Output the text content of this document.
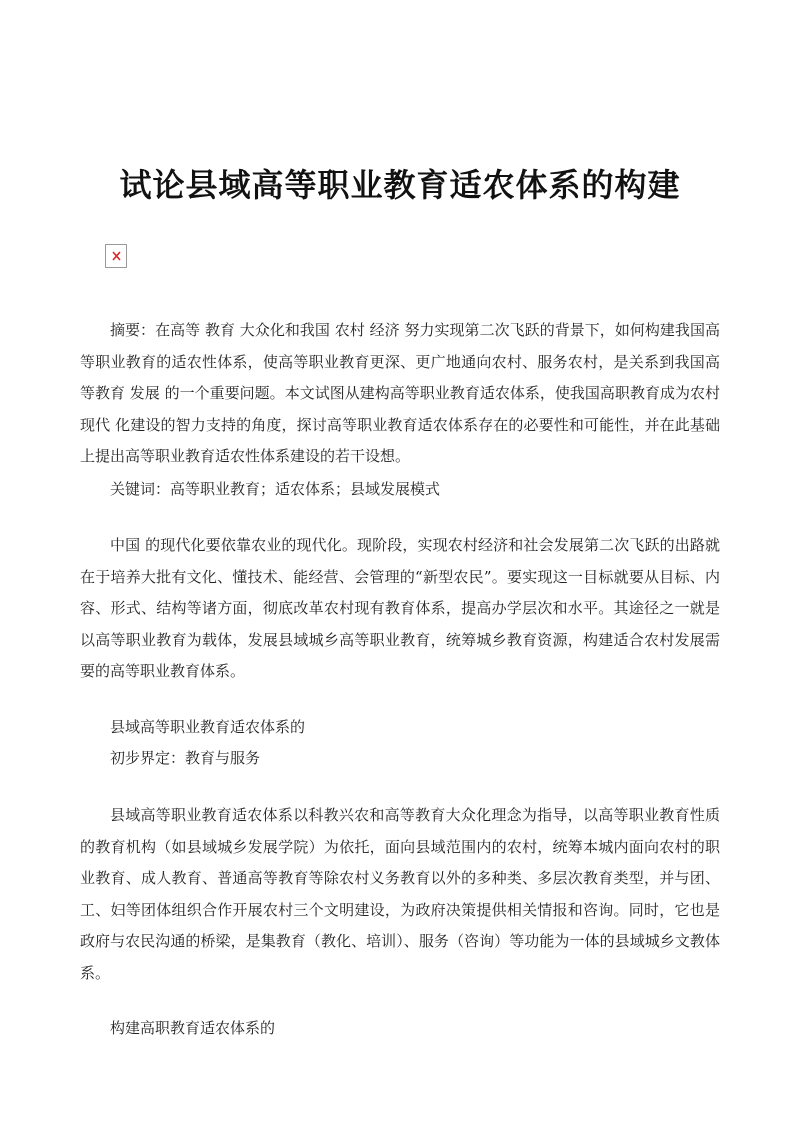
试论县域高等职业教育适农体系的构建

摘要：在高等 教育 大众化和我国 农村 经济 努力实现第二次飞跃的背景下，如何构建我国高等职业教育的适农性体系，使高等职业教育更深、更广地通向农村、服务农村，是关系到我国高等教育 发展 的一个重要问题。本文试图从建构高等职业教育适农体系，使我国高职教育成为农村 现代 化建设的智力支持的角度，探讨高等职业教育适农体系存在的必要性和可能性，并在此基础上提出高等职业教育适农性体系建设的若干设想。

关键词：高等职业教育；适农体系；县域发展模式

中国 的现代化要依靠农业的现代化。现阶段，实现农村经济和社会发展第二次飞跃的出路就在于培养大批有文化、懂技术、能经营、会管理的“新型农民”。要实现这一目标就要从目标、内容、形式、结构等诸方面，彻底改革农村现有教育体系，提高办学层次和水平。其途径之一就是以高等职业教育为载体，发展县域城乡高等职业教育，统筹城乡教育资源，构建适合农村发展需要的高等职业教育体系。

县域高等职业教育适农体系的

初步界定：教育与服务

县域高等职业教育适农体系以科教兴农和高等教育大众化理念为指导，以高等职业教育性质的教育机构（如县域城乡发展学院）为依托，面向县域范围内的农村，统筹本城内面向农村的职业教育、成人教育、普通高等教育等除农村义务教育以外的多种类、多层次教育类型，并与团、工、妇等团体组织合作开展农村三个文明建设，为政府决策提供相关情报和咨询。同时，它也是政府与农民沟通的桥梁，是集教育（教化、培训）、服务（咨询）等功能为一体的县域城乡文教体系。

构建高职教育适农体系的
